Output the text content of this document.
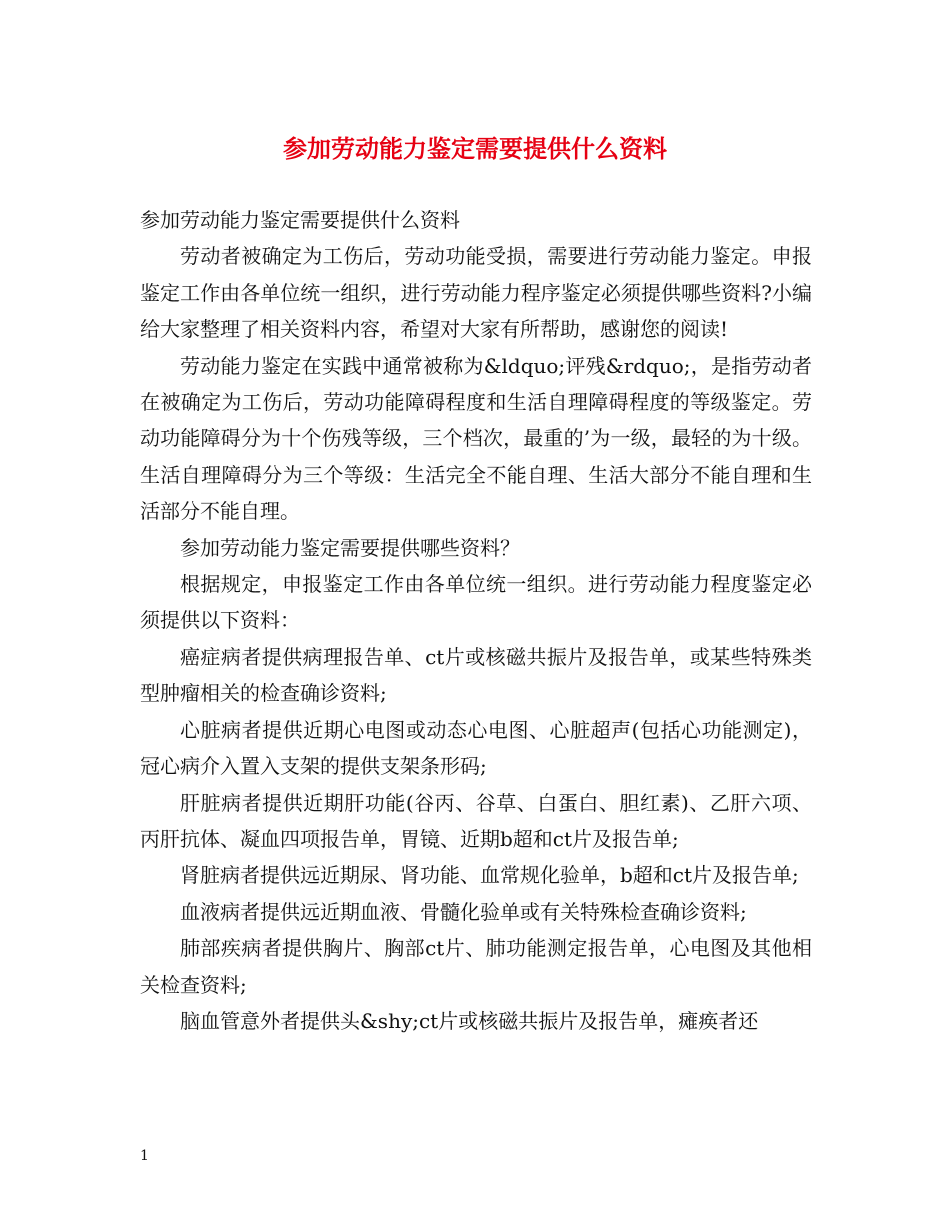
参加劳动能力鉴定需要提供什么资料

参加劳动能力鉴定需要提供什么资料

劳动者被确定为工伤后，劳动功能受损，需要进行劳动能力鉴定。申报鉴定工作由各单位统一组织，进行劳动能力程序鉴定必须提供哪些资料?小编给大家整理了相关资料内容，希望对大家有所帮助，感谢您的阅读!

劳动能力鉴定在实践中通常被称为&ldquo;评残&rdquo;，是指劳动者在被确定为工伤后，劳动功能障碍程度和生活自理障碍程度的等级鉴定。劳动功能障碍分为十个伤残等级，三个档次，最重的’为一级，最轻的为十级。生活自理障碍分为三个等级：生活完全不能自理、生活大部分不能自理和生活部分不能自理。

参加劳动能力鉴定需要提供哪些资料？

根据规定，申报鉴定工作由各单位统一组织。进行劳动能力程度鉴定必须提供以下资料：

癌症病者提供病理报告单、ct片或核磁共振片及报告单，或某些特殊类型肿瘤相关的检查确诊资料;

心脏病者提供近期心电图或动态心电图、心脏超声(包括心功能测定)，冠心病介入置入支架的提供支架条形码;

肝脏病者提供近期肝功能(谷丙、谷草、白蛋白、胆红素)、乙肝六项、丙肝抗体、凝血四项报告单，胃镜、近期b超和ct片及报告单;

肾脏病者提供远近期尿、肾功能、血常规化验单，b超和ct片及报告单;

血液病者提供远近期血液、骨髓化验单或有关特殊检查确诊资料;

肺部疾病者提供胸片、胸部ct片、肺功能测定报告单，心电图及其他相关检查资料;

脑血管意外者提供头&shy;ct片或核磁共振片及报告单，瘫痪者还

1
